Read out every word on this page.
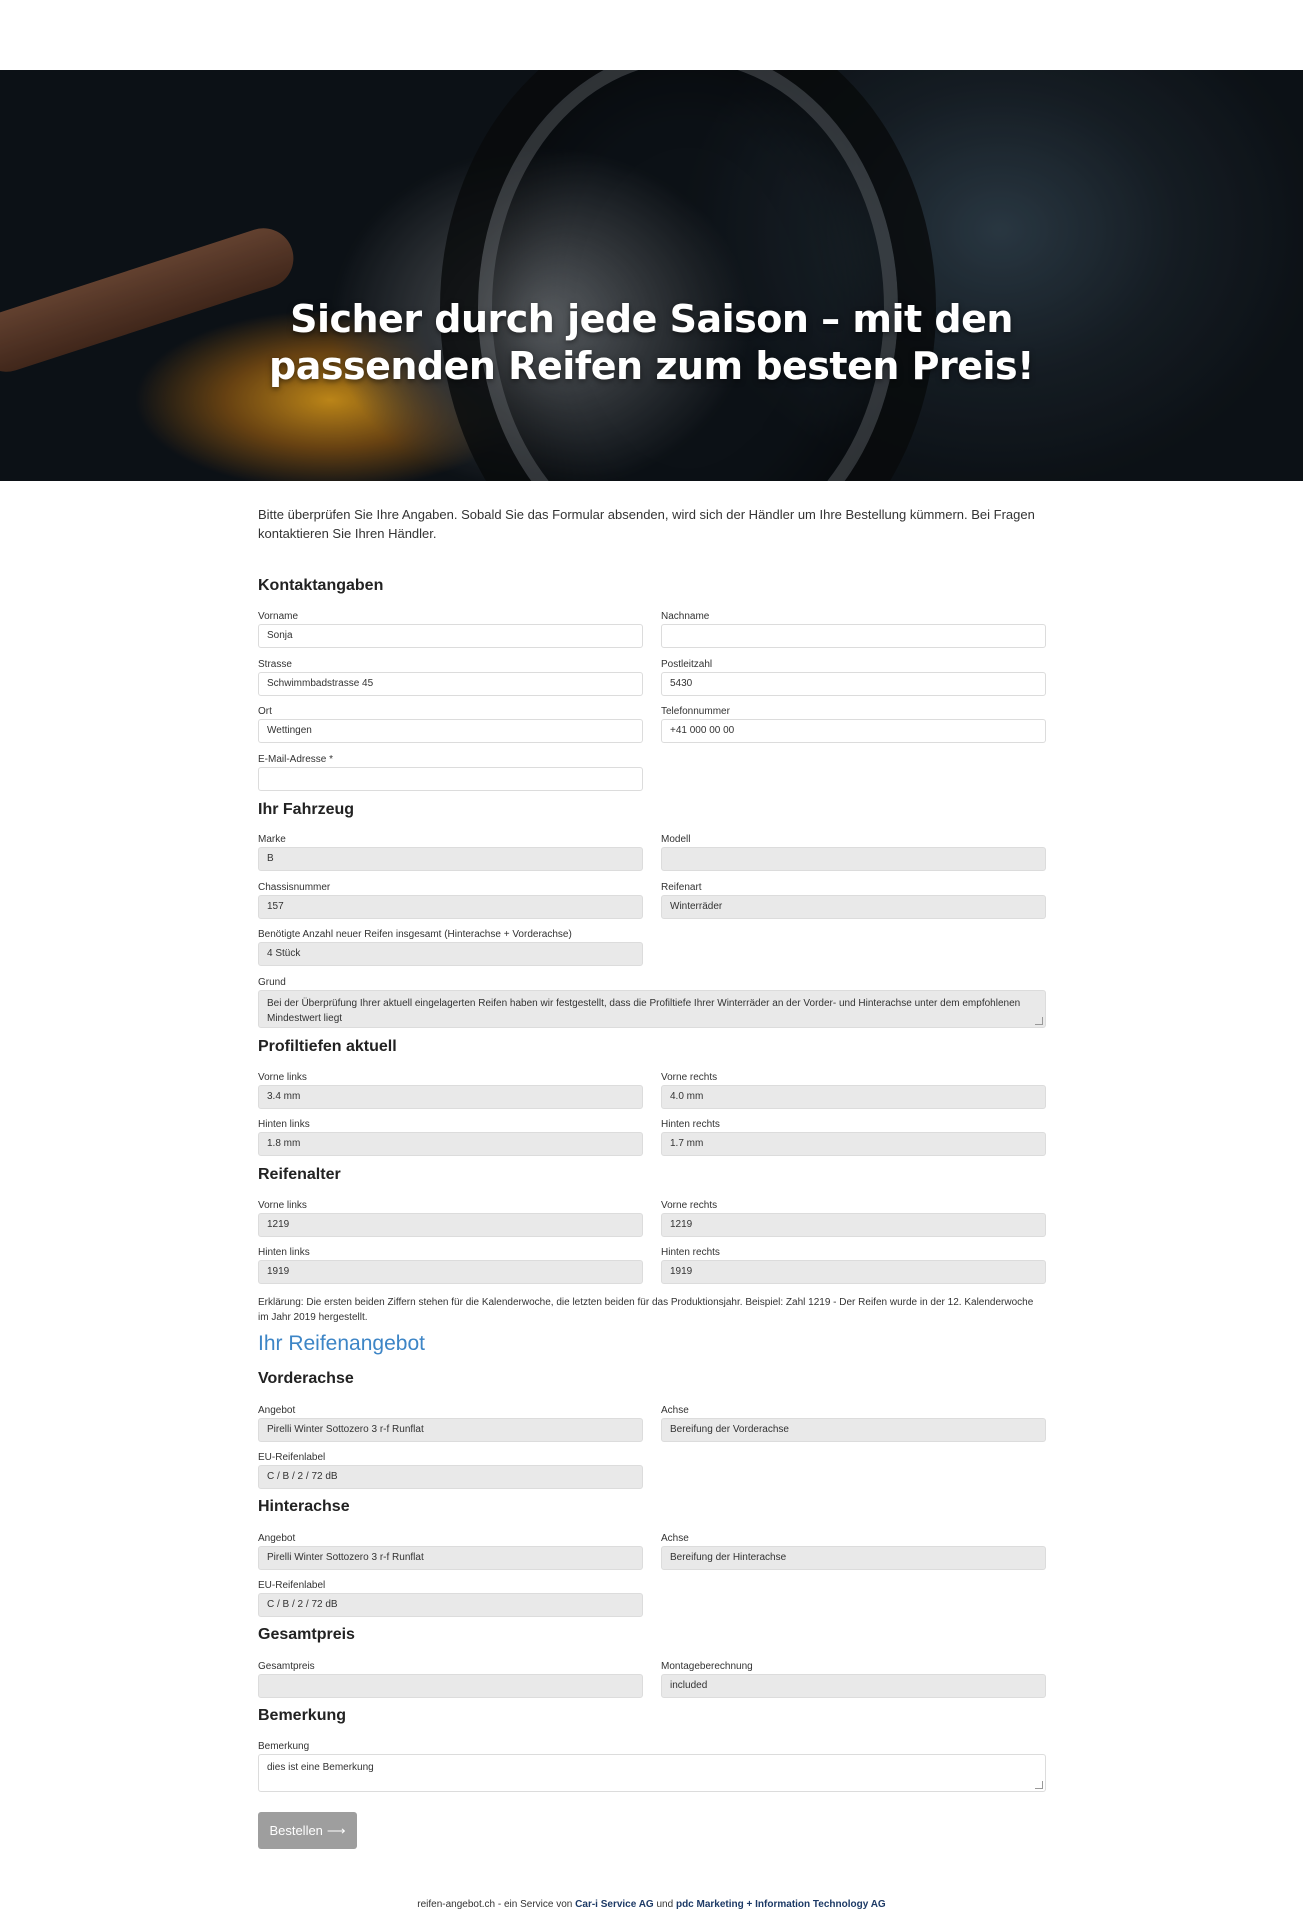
Sicher durch jede Saison – mit den
passenden Reifen zum besten Preis!
Bitte überprüfen Sie Ihre Angaben. Sobald Sie das Formular absenden, wird sich der Händler um Ihre Bestellung kümmern. Bei Fragen kontaktieren Sie Ihren Händler.
Kontaktangaben
Vorname
Sonja
Nachname
Strasse
Schwimmbadstrasse 45
Postleitzahl
5430
Ort
Wettingen
Telefonnummer
+41 000 00 00
E-Mail-Adresse *
Ihr Fahrzeug
Marke
B
Modell
Chassisnummer
157
Reifenart
Winterräder
Benötigte Anzahl neuer Reifen insgesamt (Hinterachse + Vorderachse)
4 Stück
Grund
Bei der Überprüfung Ihrer aktuell eingelagerten Reifen haben wir festgestellt, dass die Profiltiefe Ihrer Winterräder an der Vorder- und Hinterachse unter dem empfohlenen Mindestwert liegt
Profiltiefen aktuell
Vorne links
3.4 mm
Vorne rechts
4.0 mm
Hinten links
1.8 mm
Hinten rechts
1.7 mm
Reifenalter
Vorne links
1219
Vorne rechts
1219
Hinten links
1919
Hinten rechts
1919
Erklärung: Die ersten beiden Ziffern stehen für die Kalenderwoche, die letzten beiden für das Produktionsjahr. Beispiel: Zahl 1219 - Der Reifen wurde in der 12. Kalenderwoche im Jahr 2019 hergestellt.
Ihr Reifenangebot
Vorderachse
Angebot
Pirelli Winter Sottozero 3 r-f Runflat
Achse
Bereifung der Vorderachse
EU-Reifenlabel
C / B / 2 / 72 dB
Hinterachse
Angebot
Pirelli Winter Sottozero 3 r-f Runflat
Achse
Bereifung der Hinterachse
EU-Reifenlabel
C / B / 2 / 72 dB
Gesamtpreis
Gesamtpreis	Montageberechnung
included
Bemerkung
Bemerkung
dies ist eine Bemerkung
Bestellen ⟶
reifen-angebot.ch - ein Service von Car-i Service AG und pdc Marketing + Information Technology AG
